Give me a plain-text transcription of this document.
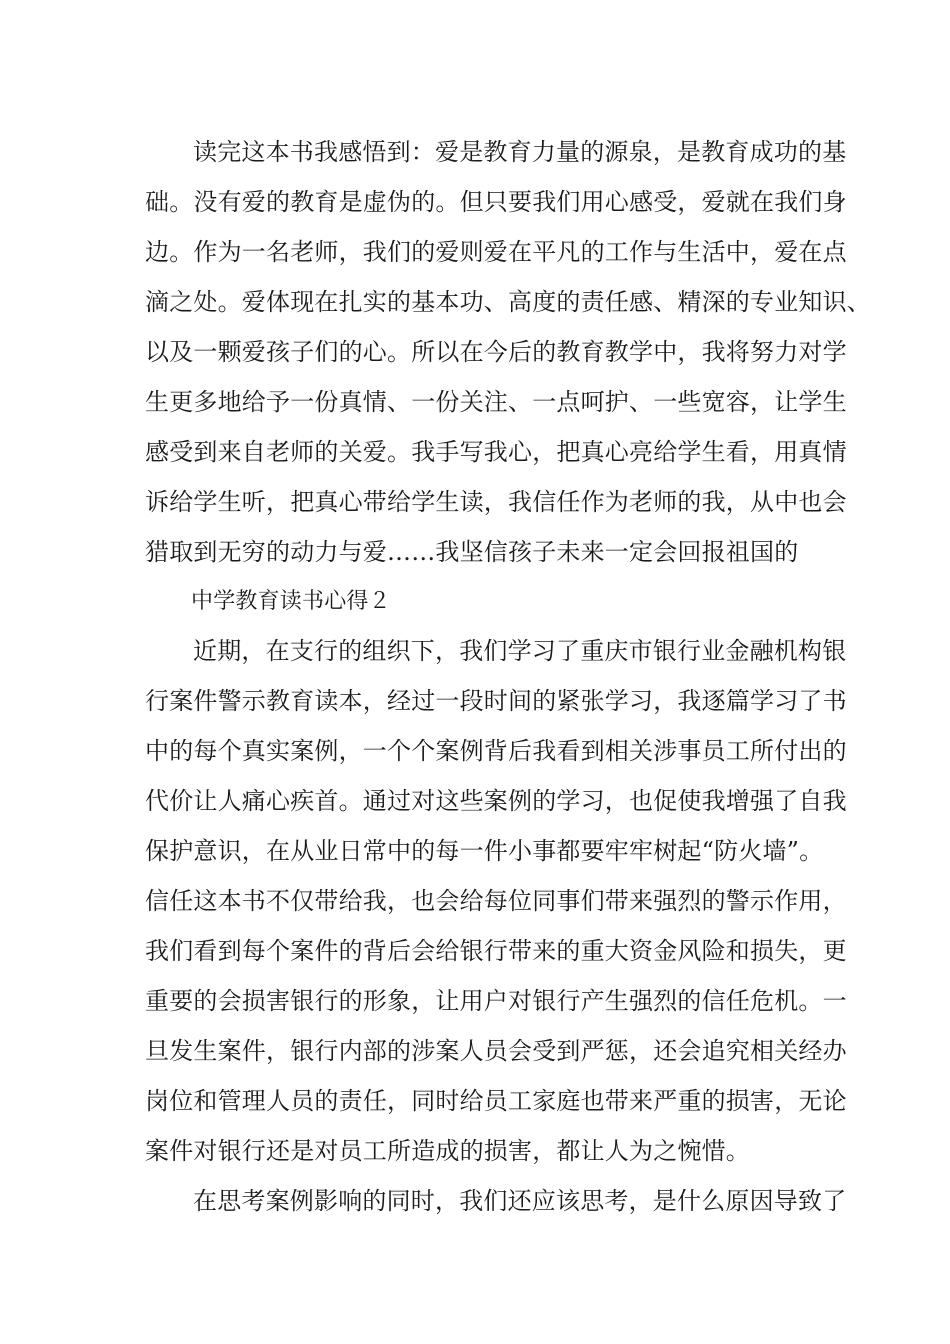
读完这本书我感悟到：爱是教育力量的源泉，是教育成功的基
础。没有爱的教育是虚伪的。但只要我们用心感受，爱就在我们身
边。作为一名老师，我们的爱则爱在平凡的工作与生活中，爱在点
滴之处。爱体现在扎实的基本功、高度的责任感、精深的专业知识、
以及一颗爱孩子们的心。所以在今后的教育教学中，我将努力对学
生更多地给予一份真情、一份关注、一点呵护、一些宽容，让学生
感受到来自老师的关爱。我手写我心，把真心亮给学生看，用真情
诉给学生听，把真心带给学生读，我信任作为老师的我，从中也会
猎取到无穷的动力与爱……我坚信孩子未来一定会回报祖国的
中学教育读书心得２
近期，在支行的组织下，我们学习了重庆市银行业金融机构银
行案件警示教育读本，经过一段时间的紧张学习，我逐篇学习了书
中的每个真实案例，一个个案例背后我看到相关涉事员工所付出的
代价让人痛心疾首。通过对这些案例的学习，也促使我增强了自我
保护意识，在从业日常中的每一件小事都要牢牢树起“防火墙”。
信任这本书不仅带给我，也会给每位同事们带来强烈的警示作用，
我们看到每个案件的背后会给银行带来的重大资金风险和损失，更
重要的会损害银行的形象，让用户对银行产生强烈的信任危机。一
旦发生案件，银行内部的涉案人员会受到严惩，还会追究相关经办
岗位和管理人员的责任，同时给员工家庭也带来严重的损害，无论
案件对银行还是对员工所造成的损害，都让人为之惋惜。
在思考案例影响的同时，我们还应该思考，是什么原因导致了
